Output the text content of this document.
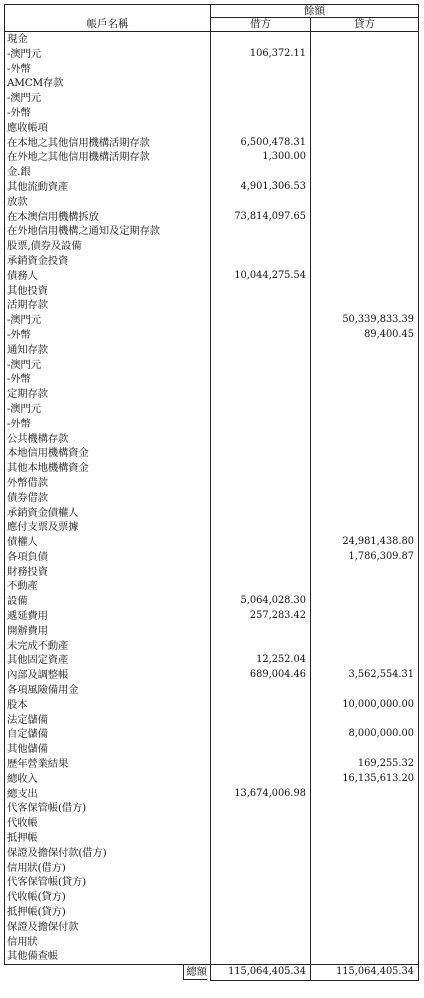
	餘額	
帳戶名稱	借方	貸方
現金		
-澳門元	106,372.11	
-外幣		
AMCM存款		
-澳門元		
-外幣		
應收帳項		
在本地之其他信用機構活期存款	6,500,478.31	
在外地之其他信用機構活期存款	1,300.00	
金.銀		
其他流動資產	4,901,306.53	
放款		
在本澳信用機構拆放	73,814,097.65	
在外地信用機構之通知及定期存款		
股票,債券及設備		
承銷資金投資		
債務人	10,044,275.54	
其他投資		
活期存款		
-澳門元		50,339,833.39
-外幣		89,400.45
通知存款		
-澳門元		
-外幣		
定期存款		
-澳門元		
-外幣		
公共機構存款		
本地信用機構資金		
其他本地機構資金		
外幣借款		
債券借款		
承銷資金債權人		
應付支票及票據		
債權人		24,981,438.80
各項負債		1,786,309.87
財務投資		
不動產		
設備	5,064,028.30	
遞延費用	257,283.42	
開辦費用		
未完成不動產		
其他固定資產	12,252.04	
內部及調整帳	689,004.46	3,562,554.31
各項風險備用金		
股本		10,000,000.00
法定儲備		
自定儲備		8,000,000.00
其他儲備		
歷年營業結果		169,255.32
總收入		16,135,613.20
總支出	13,674,006.98	
代客保管帳(借方)		
代收帳		
抵押帳		
保證及擔保付款(借方)		
信用狀(借方)		
代客保管帳(貸方)		
代收帳(貸方)		
抵押帳(貸方)		
保證及擔保付款		
信用狀		
其他備查帳		
總額	115,064,405.34	115,064,405.34
